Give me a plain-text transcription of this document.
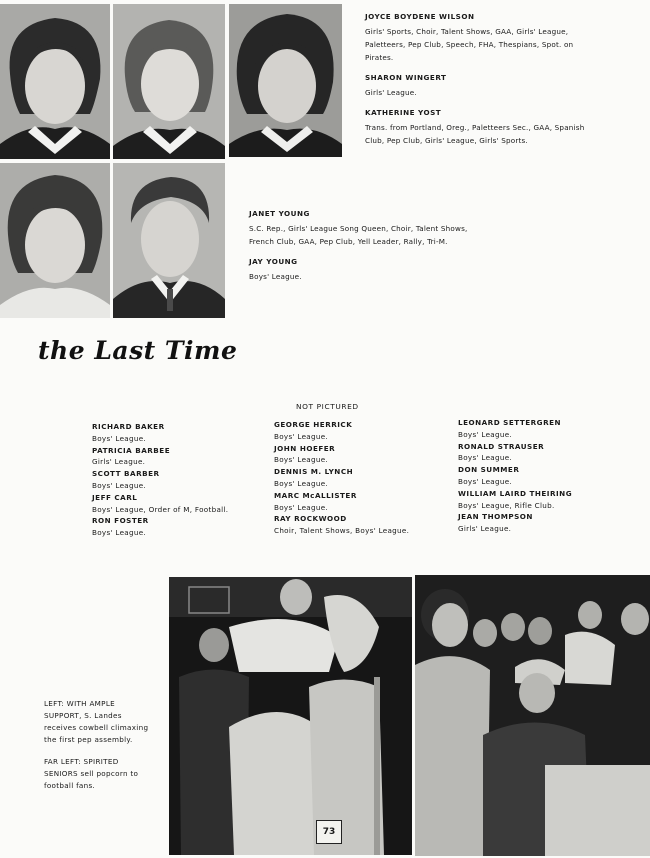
JOYCE BOYDENE WILSON

Girls' Sports, Choir, Talent Shows, GAA, Girls' League, Paletteers, Pep Club, Speech, FHA, Thespians, Spot. on Pirates.

SHARON WINGERT

Girls' League.

KATHERINE YOST

Trans. from Portland, Oreg., Paletteers Sec., GAA, Spanish Club, Pep Club, Girls' League, Girls' Sports.

JANET YOUNG

S.C. Rep., Girls' League Song Queen, Choir, Talent Shows, French Club, GAA, Pep Club, Yell Leader, Rally, Tri-M.

JAY YOUNG

Boys' League.

the Last Time
NOT PICTURED
RICHARD BAKER
Boys' League.
PATRICIA BARBEE
Girls' League.
SCOTT BARBER
Boys' League.
JEFF CARL
Boys' League, Order of M, Football.
RON FOSTER
Boys' League.
GEORGE HERRICK
Boys' League.
JOHN HOEFER
Boys' League.
DENNIS M. LYNCH
Boys' League.
MARC McALLISTER
Boys' League.
RAY ROCKWOOD
Choir, Talent Shows, Boys' League.
LEONARD SETTERGREN
Boys' League.
RONALD STRAUSER
Boys' League.
DON SUMMER
Boys' League.
WILLIAM LAIRD THEIRING
Boys' League, Rifle Club.
JEAN THOMPSON
Girls' League.
LEFT: WITH AMPLE SUPPORT, S. Landes receives cowbell climaxing the first pep assembly.
FAR LEFT: SPIRITED SENIORS sell popcorn to football fans.
73
